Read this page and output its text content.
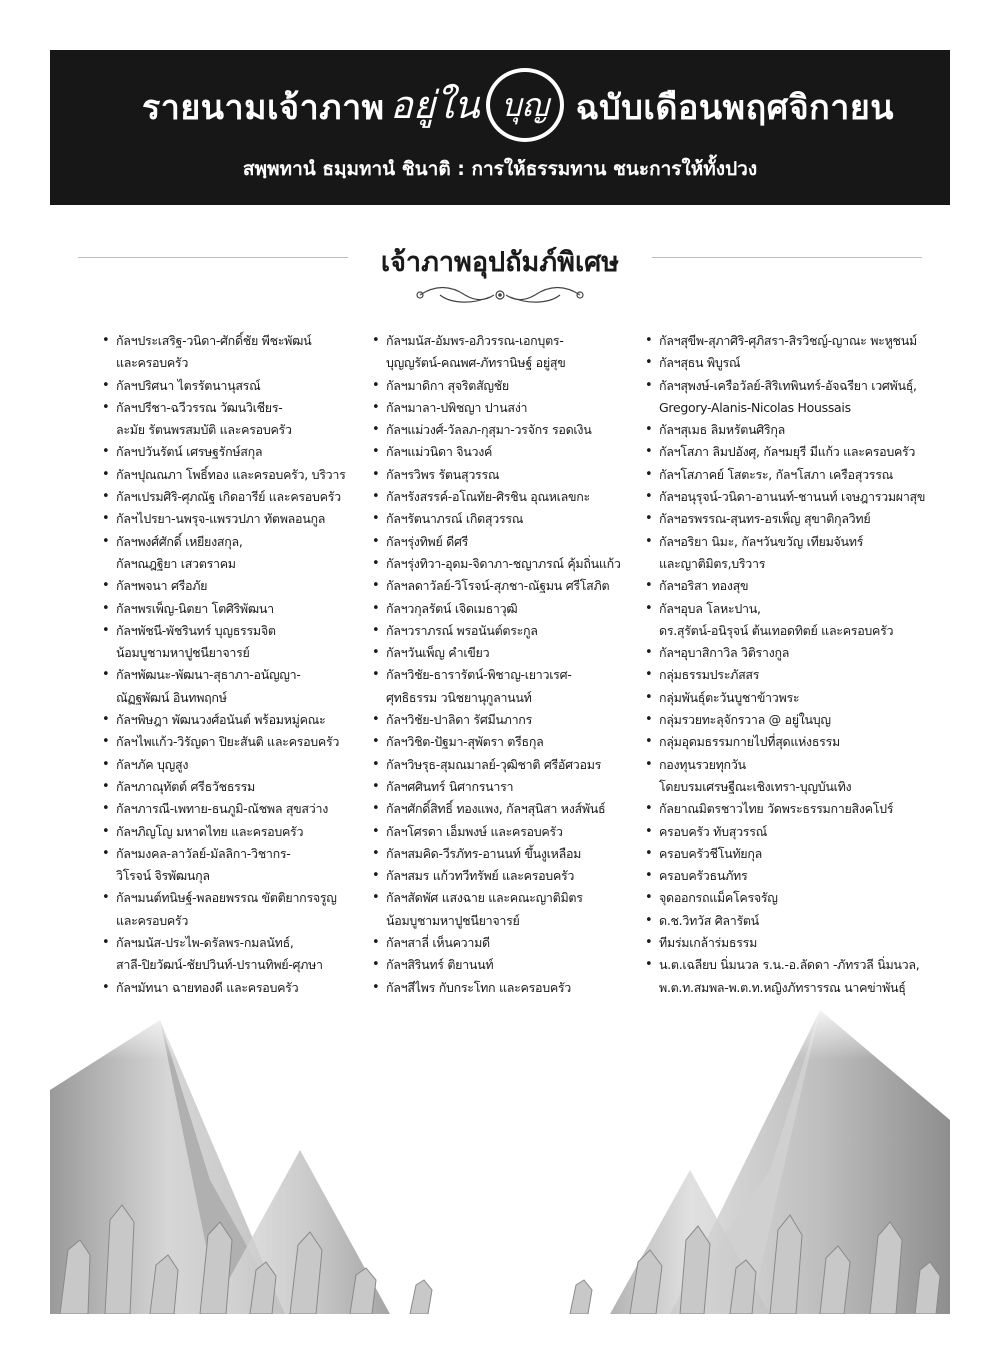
รายนามเจ้าภาพ อยู่ใน บุญ ฉบับเดือนพฤศจิกายน
สพฺพทานํ ธมฺมทานํ ชินาติ : การให้ธรรมทาน ชนะการให้ทั้งปวง
เจ้าภาพอุปถัมภ์พิเศษ
• กัลฯประเสริฐ-วนิดา-ศักดิ์ชัย พีชะพัฒน์
และครอบครัว
• กัลฯปริศนา ไตรรัตนานุสรณ์
• กัลฯปรีชา-ฉวีวรรณ วัฒนวิเชียร-
ละมัย รัตนพรสมบัติ และครอบครัว
• กัลฯปวันรัตน์ เศรษฐรักษ์สกุล
• กัลฯปุณณภา โพธิ์ทอง และครอบครัว, บริวาร
• กัลฯเปรมศิริ-ศุภณัฐ เกิดอารีย์ และครอบครัว
• กัลฯไปรยา-นพรุจ-แพรวปภา ทัตพลอนกูล
• กัลฯพงศ์ศักดิ์ เหยียงสกุล,
กัลฯณฎฐิยา เสวตราคม
• กัลฯพจนา ศรีอภัย
• กัลฯพรเพ็ญ-นิตยา โตศิริพัฒนา
• กัลฯพัชนี-พัชรินทร์ บุญธรรมจิต
น้อมบูชามหาปูชนียาจารย์
• กัลฯพัฒนะ-พัฒนา-สุธาภา-อนัญญา-
ณัฏฐพัฒน์ อินทพฤกษ์
• กัลฯพิษฎา พัฒนวงศ์อนันต์ พร้อมหมู่คณะ
• กัลฯไพแก้ว-วิรัญดา ปิยะสันติ และครอบครัว
• กัลฯภัค บุญสูง
• กัลฯภาณุทัตต์ ศรีธวัชธรรม
• กัลฯภารณี-เพทาย-ธนภูมิ-ณัชพล สุขสว่าง
• กัลฯภิญโญ มหาดไทย และครอบครัว
• กัลฯมงคล-ลาวัลย์-มัลลิกา-วิชากร-
วิโรจน์ จิรพัฒนกุล
• กัลฯมนต์ทนิษฐ์-พลอยพรรณ ขัตติยากรจรูญ
และครอบครัว
• กัลฯมนัส-ประไพ-ดรัลพร-กมลนัทธ์,
สาลี-ปิยวัฒน์-ชัยปวินท์-ปรานทิพย์-ศุภษา
• กัลฯมัทนา ฉายทองดี และครอบครัว
• กัลฯมนัส-อัมพร-อภิวรรณ-เอกบุตร-
บุญญรัตน์-คณพศ-ภัทรานิษฐ์ อยู่สุข
• กัลฯมาดิกา สุจริตสัญชัย
• กัลฯมาลา-ปพิชญา ปานสง่า
• กัลฯแม่วงศ์-วัลลภ-กุสุมา-วรจักร รอดเงิน
• กัลฯแม่วนิดา จินวงค์
• กัลฯรวิพร รัตนสุวรรณ
• กัลฯรังสรรค์-อโณทัย-ศิรชิน อุณหเลขกะ
• กัลฯรัตนาภรณ์ เกิดสุวรรณ
• กัลฯรุ่งทิพย์ ดีศรี
• กัลฯรุ่งทิวา-อุดม-จิดาภา-ชญาภรณ์ คุ้มถิ่นแก้ว
• กัลฯลดาวัลย์-วิโรจน์-สุภชา-ณัฐมน ศรีโสภิต
• กัลฯวกุลรัตน์ เจิดเมธาวุฒิ
• กัลฯวราภรณ์ พรอนันต์ตระกูล
• กัลฯวันเพ็ญ คำเขียว
• กัลฯวิชัย-ธารารัตน์-พิชาญ-เยาวเรศ-
ศุทธิธรรม วนิชยานุกูลานนท์
• กัลฯวิชัย-ปาลิดา รัศมีนภากร
• กัลฯวิชิต-ปัฐมา-สุพัตรา ตรีธกุล
• กัลฯวิษรุธ-สุมณมาลย์-วุฒิชาติ ศรีอัศวอมร
• กัลฯศศินทร์ นิศากรนารา
• กัลฯศักดิ์สิทธิ์ ทองแพง, กัลฯสุนิสา หงส์พันธ์
• กัลฯโศรดา เอ็มพงษ์ และครอบครัว
• กัลฯสมคิด-วีรภัทร-อานนท์ ขึ้นงูเหลือม
• กัลฯสมร แก้วทวีทรัพย์ และครอบครัว
• กัลฯสัดพัศ แสงฉาย และคณะญาติมิตร
น้อมบูชามหาปูชนียาจารย์
• กัลฯสาลี่ เห็นความดี
• กัลฯสิรินทร์ ติยานนท์
• กัลฯสีไพร กับกระโทก และครอบครัว
• กัลฯสุขีพ-สุภาศิริ-ศุภิสรา-สิรวิชญ์-ญาณะ พะหูชนม์
• กัลฯสุธน พิบูรณ์
• กัลฯสุพงษ์-เครือวัลย์-สิริเทพินทร์-อัจฉรียา เวศพันธุ์,
Gregory-Alanis-Nicolas Houssais
• กัลฯสุเมธ ลิมหรัตนศิริกุล
• กัลฯโสภา ลิมปอังศุ, กัลฯมยุรี มีแก้ว และครอบครัว
• กัลฯโสภาคย์ โสตะระ, กัลฯโสภา เครือสุวรรณ
• กัลฯอนุรุจน์-วนิดา-อานนท์-ชานนท์ เจษฎารวมผาสุข
• กัลฯอรพรรณ-สุนทร-อรเพ็ญ สุขาติกุลวิทย์
• กัลฯอริยา นิมะ, กัลฯวันขวัญ เทียมจันทร์
และญาติมิตร,บริวาร
• กัลฯอริสา ทองสุข
• กัลฯอุบล โลหะปาน,
ดร.สุรัตน์-อนิรุจน์ ต้นเทอดทิตย์ และครอบครัว
• กัลฯอุบาสิกาวิล วิติรางกูล
• กลุ่มธรรมประภัสสร
• กลุ่มพันธุ์ตะวันบูชาข้าวพระ
• กลุ่มรวยทะลุจักรวาล @ อยู่ในบุญ
• กลุ่มอุดมธรรมกายไปที่สุดแห่งธรรม
• กองทุนรวยทุกวัน
โดยบรมเศรษฐีณะเชิงเทรา-บุญบันเทิง
• กัลยาณมิตรชาวไทย วัดพระธรรมกายสิงคโปร์
• ครอบครัว ทับสุวรรณ์
• ครอบครัวชีโนทัยกุล
• ครอบครัวธนภัทร
• จุดออกรถแม็คโครจรัญ
• ด.ช.วิทวัส ศิลารัตน์
• ทีมร่มเกล้าร่มธรรม
• น.ต.เฉลียบ นิ่มนวล ร.น.-อ.ลัดดา -ภัทรวลี นิ่มนวล,
พ.ต.ท.สมพล-พ.ต.ท.หญิงภัทรารรณ นาคข่าพันธุ์
